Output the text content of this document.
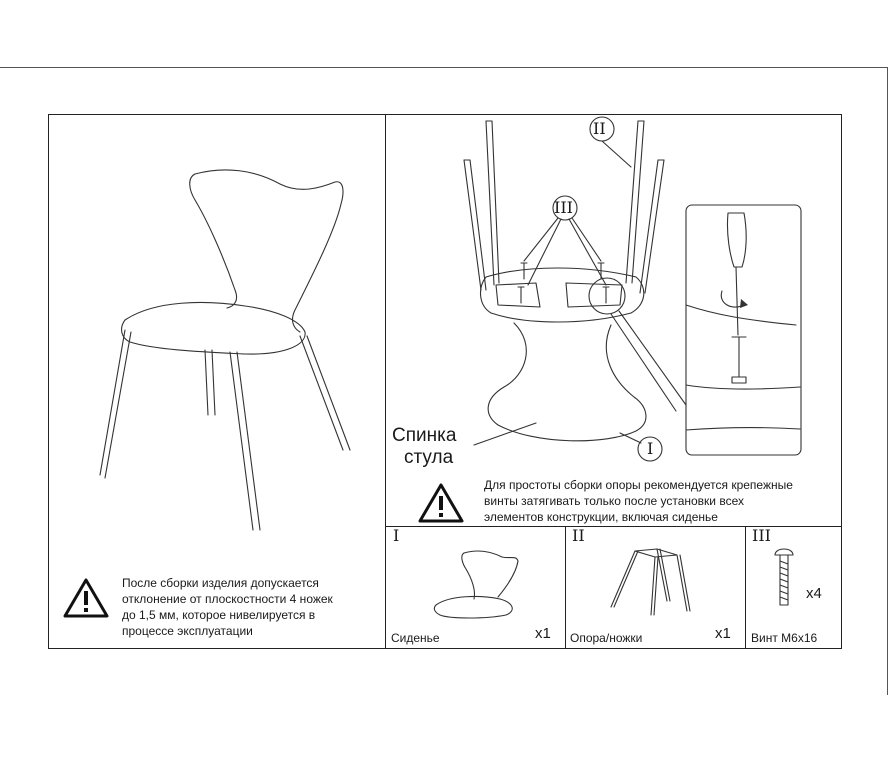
После сборки изделия допускается
отклонение от плоскостности 4 ножек
до 1,5 мм, которое нивелируется в
процессе эксплуатации
II
III
I
Спинка
стула
Для простоты сборки опоры рекомендуется крепежные
винты затягивать только после установки всех
элементов конструкции, включая сиденье
I
Сиденье	x1
II
Опора/ножки	x1
III
x4
Винт М6х16
